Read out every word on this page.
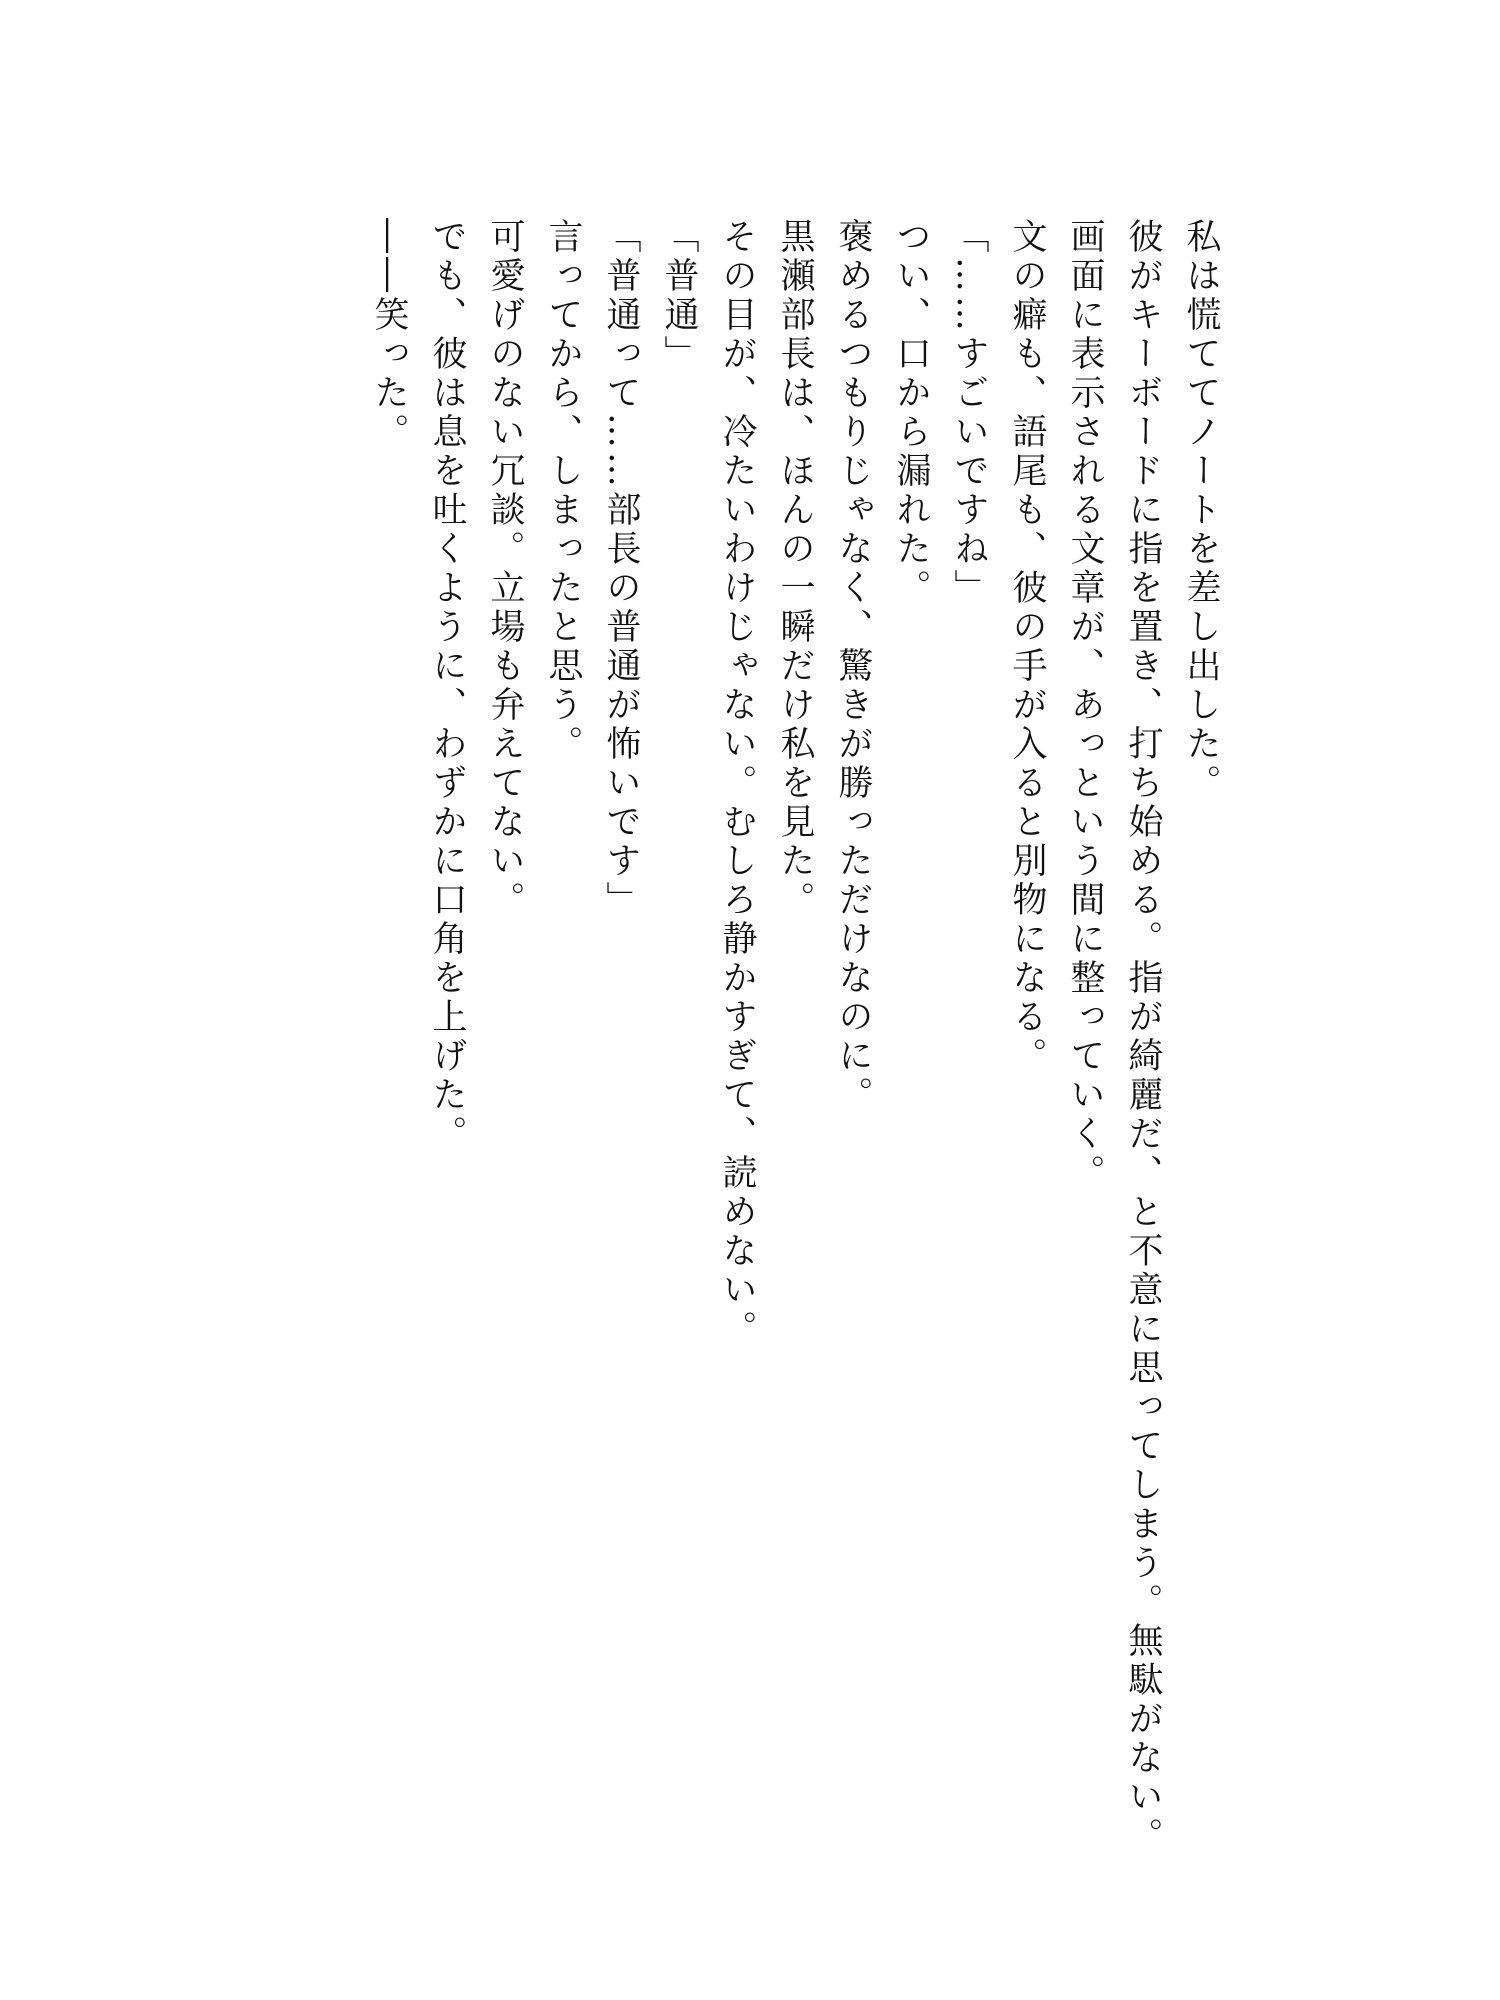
私は慌ててノートを差し出した。

彼がキーボードに指を置き、打ち始める。指が綺麗だ、と不意に思ってしまう。無駄がない。

画面に表示される文章が、あっという間に整っていく。

文の癖も、語尾も、彼の手が入ると別物になる。

「……すごいですね」

つい、口から漏れた。

褒めるつもりじゃなく、驚きが勝っただけなのに。

黒瀬部長は、ほんの一瞬だけ私を見た。

その目が、冷たいわけじゃない。むしろ静かすぎて、読めない。

「普通」

「普通って……部長の普通が怖いです」

言ってから、しまったと思う。

可愛げのない冗談。立場も弁えてない。

でも、彼は息を吐くように、わずかに口角を上げた。

――笑った。
